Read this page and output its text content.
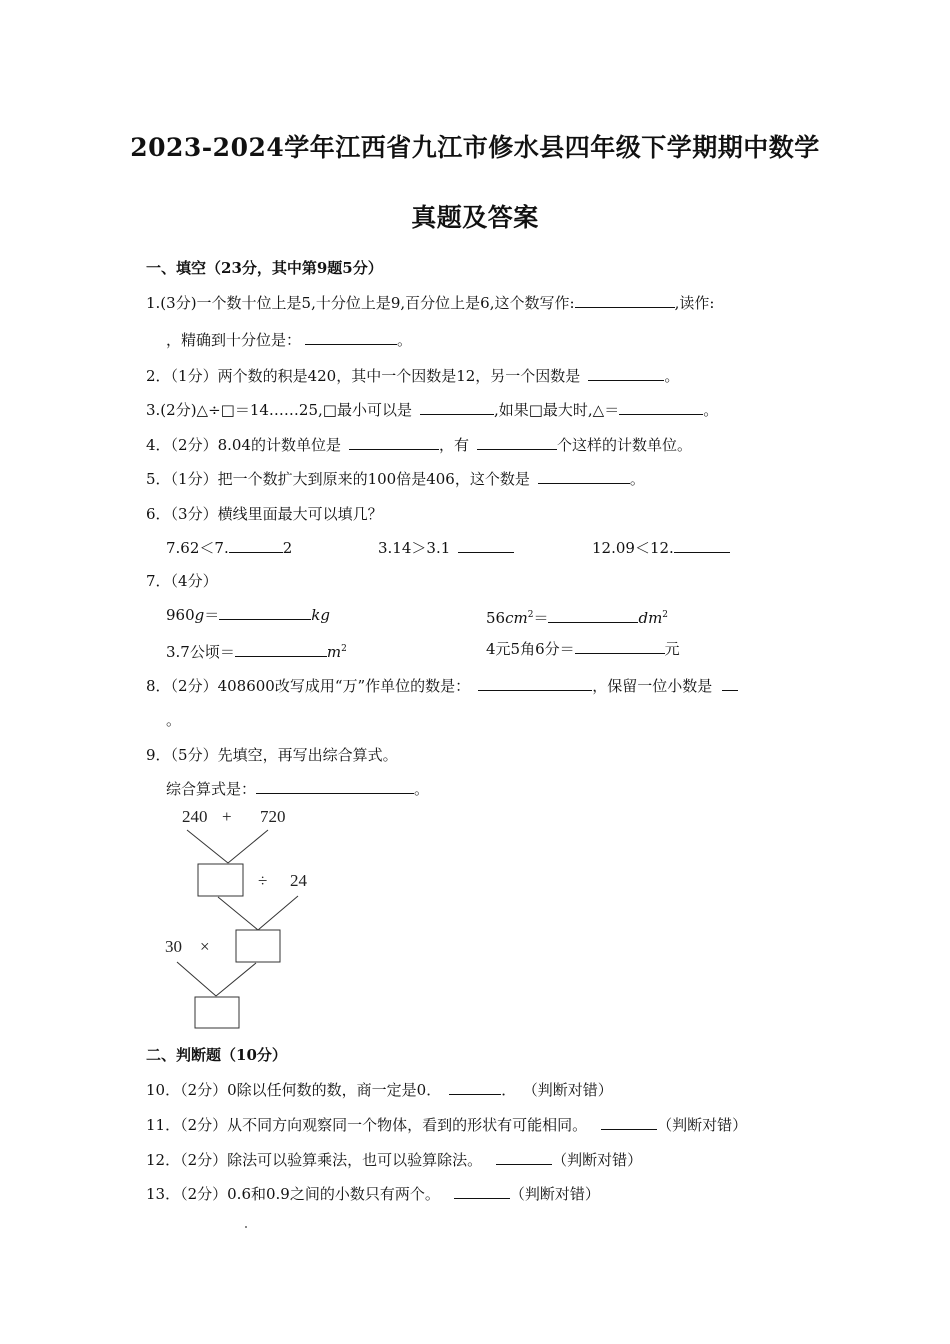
2023-2024学年江西省九江市修水县四年级下学期期中数学
真题及答案
一、填空（23分，其中第9题5分）
1.(3分)一个数十位上是5,十分位上是9,百分位上是6,这个数写作:	,读作:
，精确到十分位是：	。
2．（1分）两个数的积是420，其中一个因数是12，另一个因数是	。
3.(2分)△÷□＝14……25,□最小可以是	,如果□最大时,△＝	。
4．（2分）8.04的计数单位是	，有	个这样的计数单位。
5．（1分）把一个数扩大到原来的100倍是406，这个数是	。
6．（3分）横线里面最大可以填几？
7.62＜7.	2	3.14＞3.1	12.09＜12.
7．（4分）
960g＝	kg	$56cm^2=$	$dm^2$
3.7公顷＝	$m^2$	4元5角6分＝	元
8．（2分）408600改写成用“万”作单位的数是：	，保留一位小数是
。
9．（5分）先填空，再写出综合算式。
综合算式是：	。
240 + 720
÷ 24
30 ×
二、判断题（10分）
10．（2分）0除以任何数的数，商一定是0．	． （判断对错）
11．（2分）从不同方向观察同一个物体，看到的形状有可能相同。	（判断对错）
12．（2分）除法可以验算乘法，也可以验算除法。	（判断对错）
13．（2分）0.6和0.9之间的小数只有两个。	（判断对错）
